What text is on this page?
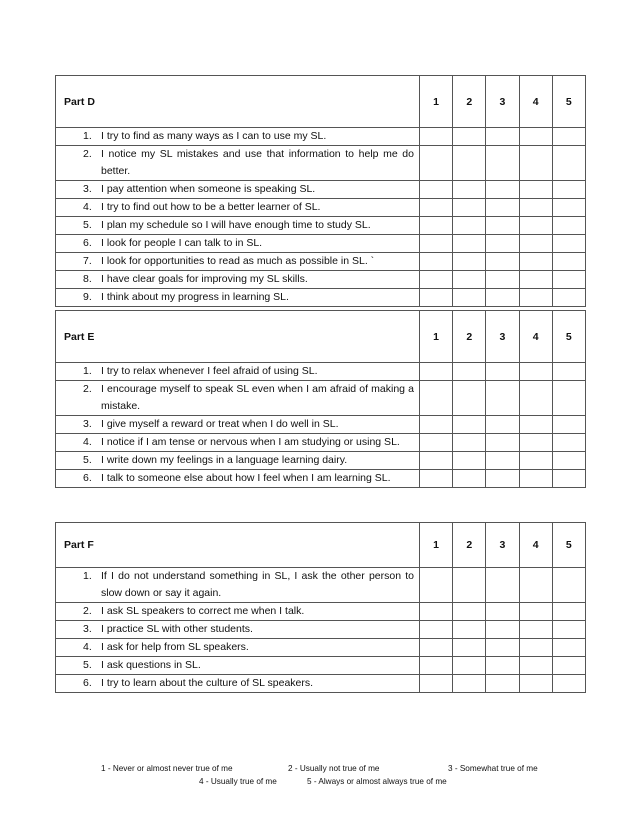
Part D	1	2	3	4	5

1. I try to find as many ways as I can to use my SL.					

2. I notice my SL mistakes and use that information to help me do better.					

3. I pay attention when someone is speaking SL.					

4. I try to find out how to be a better learner of SL.					

5. I plan my schedule so I will have enough time to study SL.					

6. I look for people I can talk to in SL.					

7. I look for opportunities to read as much as possible in SL. `					

8. I have clear goals for improving my SL skills.					

9. I think about my progress in learning SL.					

Part E	1	2	3	4	5

1. I try to relax whenever I feel afraid of using SL.					

2. I encourage myself to speak SL even when I am afraid of making a mistake.					

3. I give myself a reward or treat when I do well in SL.					

4. I notice if I am tense or nervous when I am studying or using SL.					

5. I write down my feelings in a language learning dairy.					

6. I talk to someone else about how I feel when I am learning SL.					

Part F	1	2	3	4	5

1. If I do not understand something in SL, I ask the other person to slow down or say it again.					

2. I ask SL speakers to correct me when I talk.					

3. I practice SL with other students.					

4. I ask for help from SL speakers.					

5. I ask questions in SL.					

6. I try to learn about the culture of SL speakers.					

1 - Never or almost never true of me	2 - Usually not true of me	3 - Somewhat true of me
4 - Usually true of me	5 - Always or almost always true of me
